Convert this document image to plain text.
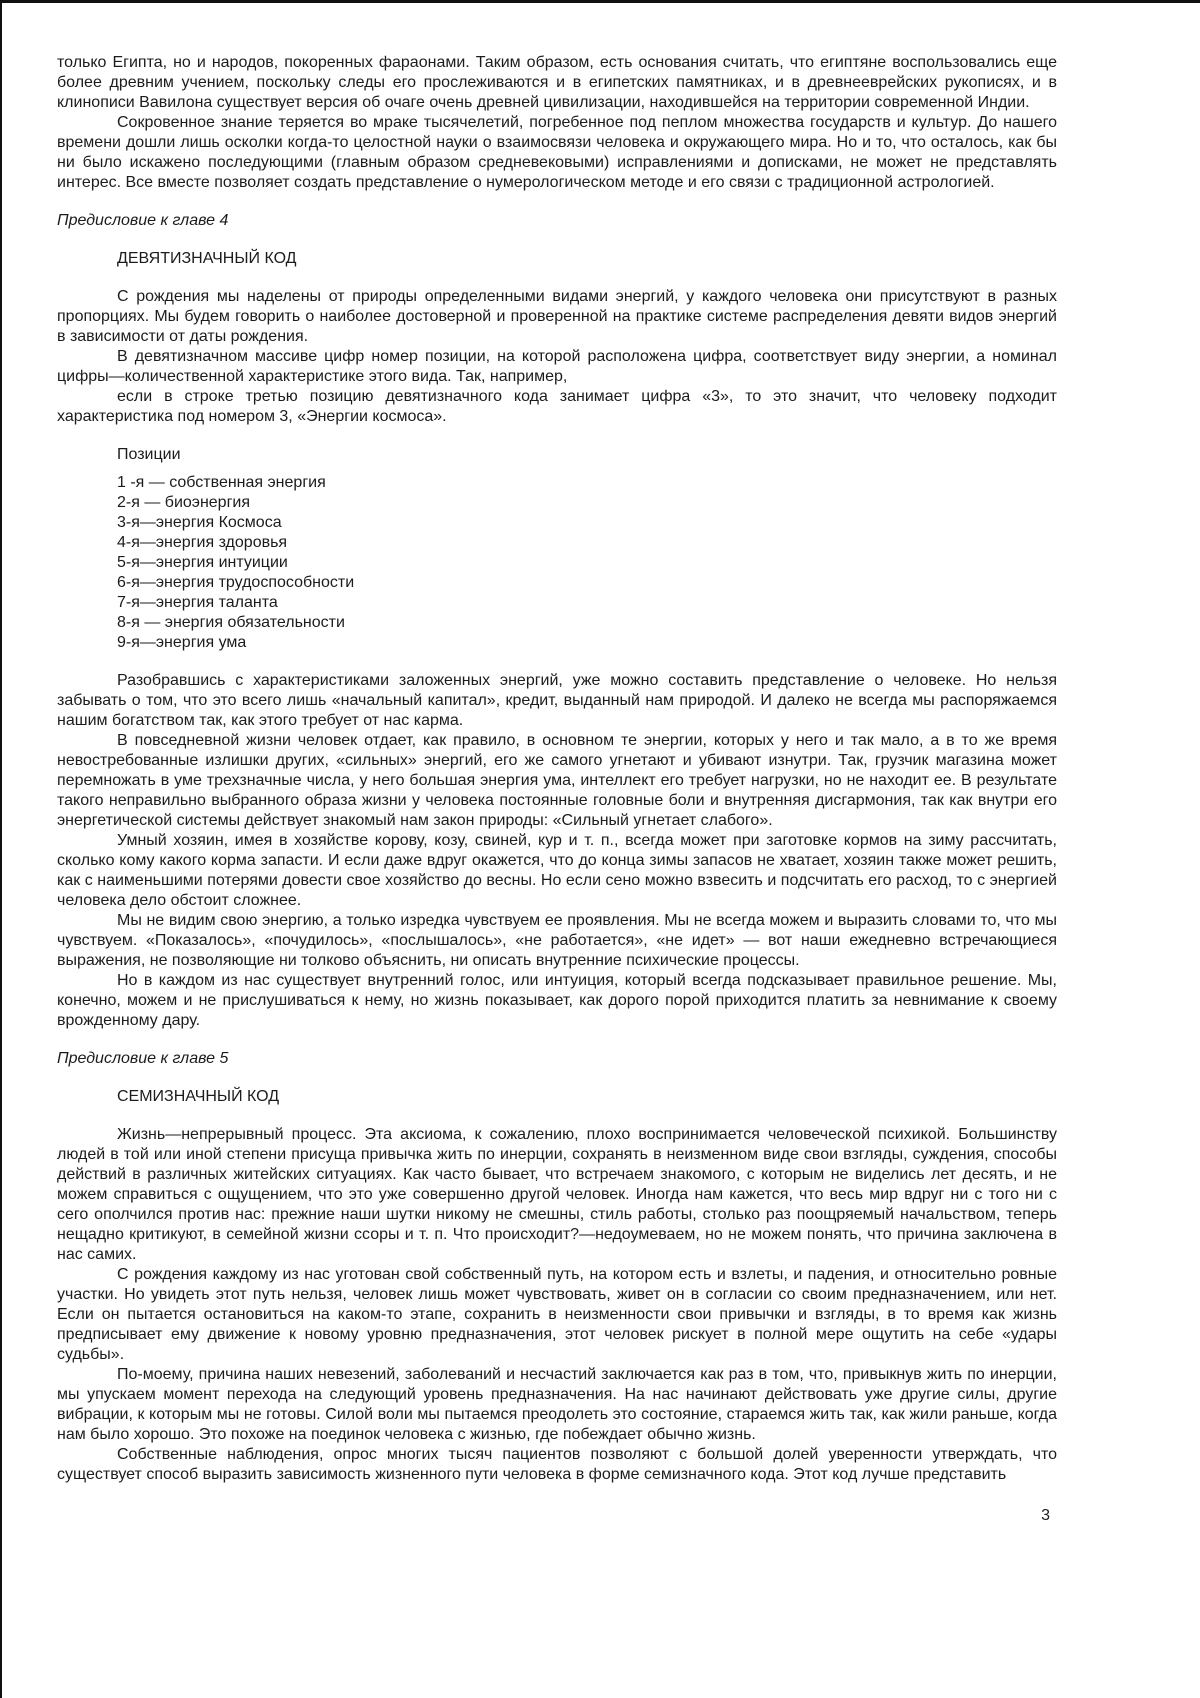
только Египта, но и народов, покоренных фараонами. Таким образом, есть основания считать, что египтяне воспользовались еще более древним учением, поскольку следы его прослеживаются и в египетских памятниках, и в древнееврейских рукописях, и в клинописи Вавилона существует версия об очаге очень древней цивилизации, находившейся на территории современной Индии.

Сокровенное знание теряется во мраке тысячелетий, погребенное под пеплом множества государств и культур. До нашего времени дошли лишь осколки когда-то целостной науки о взаимосвязи человека и окружающего мира. Но и то, что осталось, как бы ни было искажено последующими (главным образом средневековыми) исправлениями и дописками, не может не представлять интерес. Все вместе позволяет создать представление о нумерологическом методе и его связи с традиционной астрологией.

Предисловие к главе 4

ДЕВЯТИЗНАЧНЫЙ КОД

С рождения мы наделены от природы определенными видами энергий, у каждого человека они присутствуют в разных пропорциях. Мы будем говорить о наиболее достоверной и проверенной на практике системе распределения девяти видов энергий в зависимости от даты рождения.

В девятизначном массиве цифр номер позиции, на которой расположена цифра, соответствует виду энергии, а номинал цифры—количественной характеристике этого вида. Так, например,

если в строке третью позицию девятизначного кода занимает цифра «3», то это значит, что человеку подходит характеристика под номером 3, «Энергии космоса».

Позиции

1 -я — собственная энергия
2-я — биоэнергия
3-я—энергия Космоса
4-я—энергия здоровья
5-я—энергия интуиции
6-я—энергия трудоспособности
7-я—энергия таланта
8-я — энергия обязательности
9-я—энергия ума

Разобравшись с характеристиками заложенных энергий, уже можно составить представление о человеке. Но нельзя забывать о том, что это всего лишь «начальный капитал», кредит, выданный нам природой. И далеко не всегда мы распоряжаемся нашим богатством так, как этого требует от нас карма.

В повседневной жизни человек отдает, как правило, в основном те энергии, которых у него и так мало, а в то же время невостребованные излишки других, «сильных» энергий, его же самого угнетают и убивают изнутри. Так, грузчик магазина может перемножать в уме трехзначные числа, у него большая энергия ума, интеллект его требует нагрузки, но не находит ее. В результате такого неправильно выбранного образа жизни у человека постоянные головные боли и внутренняя дисгармония, так как внутри его энергетической системы действует знакомый нам закон природы: «Сильный угнетает слабого».

Умный хозяин, имея в хозяйстве корову, козу, свиней, кур и т. п., всегда может при заготовке кормов на зиму рассчитать, сколько кому какого корма запасти. И если даже вдруг окажется, что до конца зимы запасов не хватает, хозяин также может решить, как с наименьшими потерями довести свое хозяйство до весны. Но если сено можно взвесить и подсчитать его расход, то с энергией человека дело обстоит сложнее.

Мы не видим свою энергию, а только изредка чувствуем ее проявления. Мы не всегда можем и выразить словами то, что мы чувствуем. «Показалось», «почудилось», «послышалось», «не работается», «не идет» — вот наши ежедневно встречающиеся выражения, не позволяющие ни толково объяснить, ни описать внутренние психические процессы.

Но в каждом из нас существует внутренний голос, или интуиция, который всегда подсказывает правильное решение. Мы, конечно, можем и не прислушиваться к нему, но жизнь показывает, как дорого порой приходится платить за невнимание к своему врожденному дару.

Предисловие к главе 5

СЕМИЗНАЧНЫЙ КОД

Жизнь—непрерывный процесс. Эта аксиома, к сожалению, плохо воспринимается человеческой психикой. Большинству людей в той или иной степени присуща привычка жить по инерции, сохранять в неизменном виде свои взгляды, суждения, способы действий в различных житейских ситуациях. Как часто бывает, что встречаем знакомого, с которым не виделись лет десять, и не можем справиться с ощущением, что это уже совершенно другой человек. Иногда нам кажется, что весь мир вдруг ни с того ни с сего ополчился против нас: прежние наши шутки никому не смешны, стиль работы, столько раз поощряемый начальством, теперь нещадно критикуют, в семейной жизни ссоры и т. п. Что происходит?—недоумеваем, но не можем понять, что причина заключена в нас самих.

С рождения каждому из нас уготован свой собственный путь, на котором есть и взлеты, и падения, и относительно ровные участки. Но увидеть этот путь нельзя, человек лишь может чувствовать, живет он в согласии со своим предназначением, или нет. Если он пытается остановиться на каком-то этапе, сохранить в неизменности свои привычки и взгляды, в то время как жизнь предписывает ему движение к новому уровню предназначения, этот человек рискует в полной мере ощутить на себе «удары судьбы».

По-моему, причина наших невезений, заболеваний и несчастий заключается как раз в том, что, привыкнув жить по инерции, мы упускаем момент перехода на следующий уровень предназначения. На нас начинают действовать уже другие силы, другие вибрации, к которым мы не готовы. Силой воли мы пытаемся преодолеть это состояние, стараемся жить так, как жили раньше, когда нам было хорошо. Это похоже на поединок человека с жизнью, где побеждает обычно жизнь.

Собственные наблюдения, опрос многих тысяч пациентов позволяют с большой долей уверенности утверждать, что существует способ выразить зависимость жизненного пути человека в форме семизначного кода. Этот код лучше представить

3
